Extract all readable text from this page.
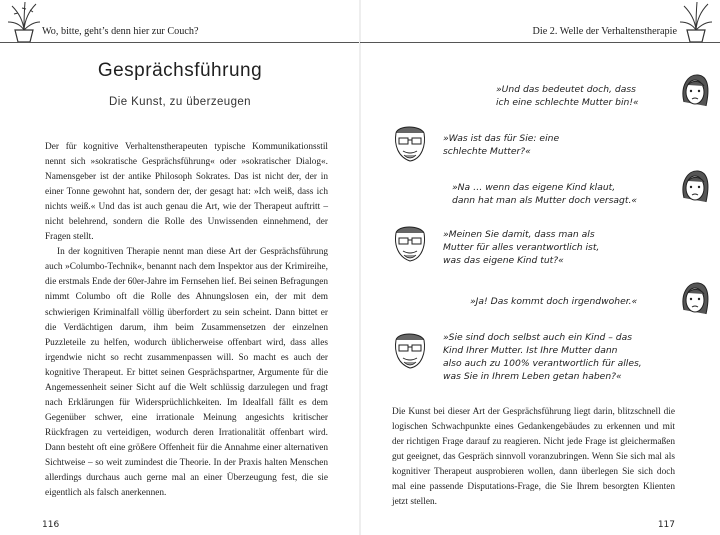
Wo, bitte, geht’s denn hier zur Couch?
Gesprächsführung
Die Kunst, zu überzeugen

Der für kognitive Verhaltenstherapeuten typische Kommunikationsstil nennt sich »sokratische Gesprächsführung« oder »sokratischer Dialog«. Namensgeber ist der antike Philosoph Sokrates. Das ist nicht der, der in einer Tonne gewohnt hat, sondern der, der gesagt hat: »Ich weiß, dass ich nichts weiß.« Und das ist auch genau die Art, wie der Therapeut auftritt – nicht belehrend, sondern die Rolle des Unwissenden einnehmend, der Fragen stellt.

In der kognitiven Therapie nennt man diese Art der Gesprächsführung auch »Columbo-Technik«, benannt nach dem Inspektor aus der Krimireihe, die erstmals Ende der 60er-Jahre im Fernsehen lief. Bei seinen Befragungen nimmt Columbo oft die Rolle des Ahnungslosen ein, der mit dem schwierigen Kriminalfall völlig überfordert zu sein scheint. Dann bittet er die Verdächtigen darum, ihm beim Zusammensetzen der einzelnen Puzzleteile zu helfen, wodurch üblicherweise offenbart wird, dass alles irgendwie nicht so recht zusammenpassen will. So macht es auch der kognitive Therapeut. Er bittet seinen Gesprächspartner, Argumente für die Angemessenheit seiner Sicht auf die Welt schlüssig darzulegen und fragt nach Erklärungen für Widersprüchlichkeiten. Im Idealfall fällt es dem Gegenüber schwer, eine irrationale Meinung angesichts kritischer Rückfragen zu verteidigen, wodurch deren Irrationalität offenbart wird. Dann besteht oft eine größere Offenheit für die Annahme einer alternativen Sichtweise – so weit zumindest die Theorie. In der Praxis halten Menschen allerdings durchaus auch gerne mal an einer Überzeugung fest, die sie eigentlich als falsch anerkennen.

116
Die 2. Welle der Verhaltenstherapie
»Und das bedeutet doch, dass
ich eine schlechte Mutter bin!«
»Was ist das für Sie: eine
schlechte Mutter?«
»Na … wenn das eigene Kind klaut,
dann hat man als Mutter doch versagt.«
»Meinen Sie damit, dass man als
Mutter für alles verantwortlich ist,
was das eigene Kind tut?«
»Ja! Das kommt doch irgendwoher.«
»Sie sind doch selbst auch ein Kind – das
Kind Ihrer Mutter. Ist Ihre Mutter dann
also auch zu 100% verantwortlich für alles,
was Sie in Ihrem Leben getan haben?«

Die Kunst bei dieser Art der Gesprächsführung liegt darin, blitzschnell die logischen Schwachpunkte eines Gedankengebäudes zu erkennen und mit der richtigen Frage darauf zu reagieren. Nicht jede Frage ist gleichermaßen gut geeignet, das Gespräch sinnvoll voranzubringen. Wenn Sie sich mal als kognitiver Therapeut ausprobieren wollen, dann überlegen Sie sich doch mal eine passende Disputations-Frage, die Sie Ihrem besorgten Klienten jetzt stellen.

117
